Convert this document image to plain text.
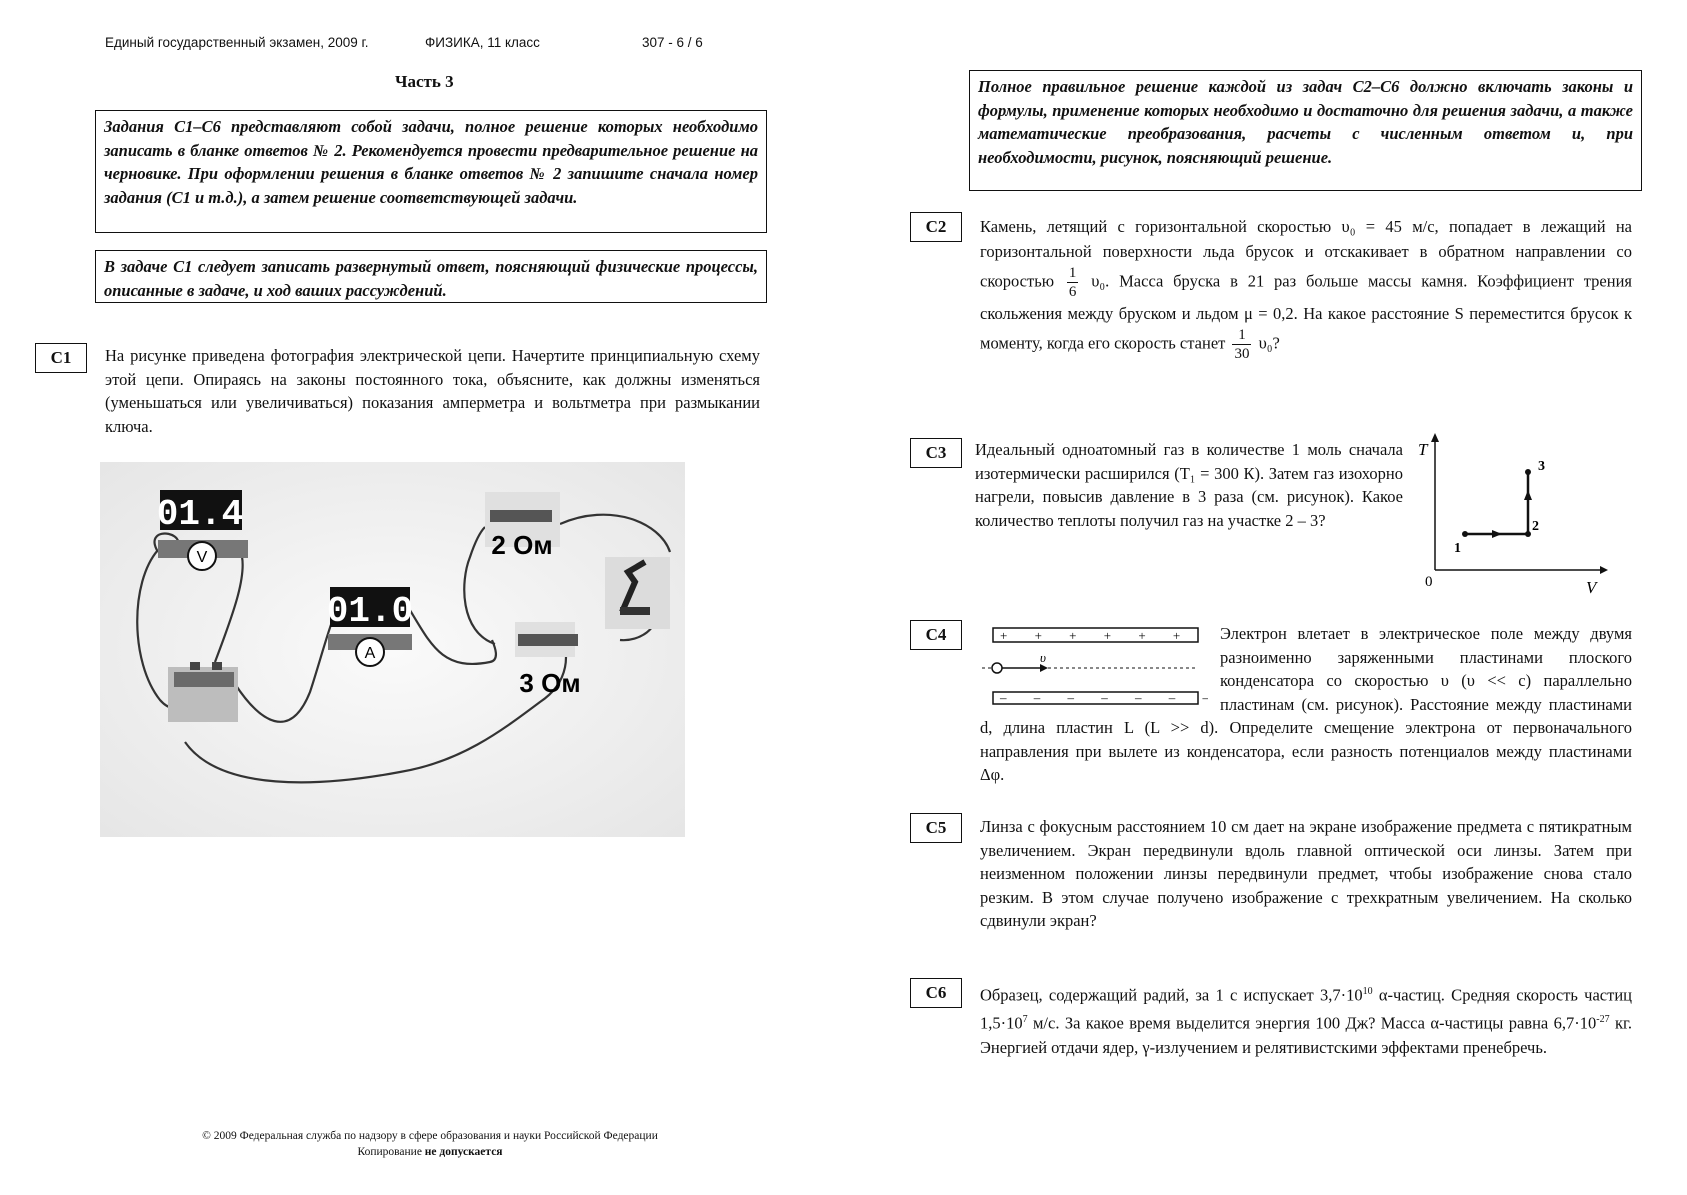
Единый государственный экзамен, 2009 г.	ФИЗИКА, 11 класс	307 - 6 / 6
Часть 3
Задания С1–С6 представляют собой задачи, полное решение которых необходимо записать в бланке ответов № 2. Рекомендуется провести предварительное решение на черновике. При оформлении решения в бланке ответов № 2 запишите сначала номер задания (С1 и т.д.), а затем решение соответствующей задачи.
В задаче С1 следует записать развернутый ответ, поясняющий физические процессы, описанные в задаче, и ход ваших рассуждений.
C1	На рисунке приведена фотография электрической цепи. Начертите принципиальную схему этой цепи. Опираясь на законы постоянного тока, объясните, как должны изменяться (уменьшаться или увеличиваться) показания амперметра и вольтметра при размыкании ключа.
01.4
V
01.0
A
2 Ом
3 Ом
Полное правильное решение каждой из задач С2–С6 должно включать законы и формулы, применение которых необходимо и достаточно для решения задачи, а также математические преобразования, расчеты с численным ответом и, при необходимости, рисунок, поясняющий решение.
C2	Камень, летящий с горизонтальной скоростью υ₀ = 45 м/с, попадает в лежащий на горизонтальной поверхности льда брусок и отскакивает в обратном направлении со скоростью $\frac{1}{6} \upsilon_0$. Масса бруска в 21 раз больше массы камня. Коэффициент трения скольжения между бруском и льдом μ = 0,2. На какое расстояние S переместится брусок к моменту, когда его скорость станет $\frac{1}{30} \upsilon_0$?
C3	Идеальный одноатомный газ в количестве 1 моль сначала изотермически расширился (T₁ = 300 К). Затем газ изохорно нагрели, повысив давление в 3 раза (см. рисунок). Какое количество теплоты получил газ на участке 2 – 3?
T
V
0
1
2
3
C4	+ + + + + + +
– – – – – – –
υ
Электрон влетает в электрическое поле между двумя разноименно заряженными пластинами плоского конденсатора со скоростью υ (υ << c) параллельно пластинам (см. рисунок). Расстояние между пластинами d, длина пластин L (L >> d). Определите смещение электрона от первоначального направления при вылете из конденсатора, если разность потенциалов между пластинами Δφ.
C5	Линза с фокусным расстоянием 10 см дает на экране изображение предмета с пятикратным увеличением. Экран передвинули вдоль главной оптической оси линзы. Затем при неизменном положении линзы передвинули предмет, чтобы изображение снова стало резким. В этом случае получено изображение с трехкратным увеличением. На сколько сдвинули экран?
C6	Образец, содержащий радий, за 1 с испускает $3,7\cdot 10^{10}$ α-частиц. Средняя скорость частиц $1,5\cdot 10^7$ м/с. За какое время выделится энергия 100 Дж? Масса α-частицы равна $6,7\cdot 10^{-27}$ кг. Энергией отдачи ядер, γ-излучением и релятивистскими эффектами пренебречь.
© 2009 Федеральная служба по надзору в сфере образования и науки Российской Федерации
Копирование не допускается
